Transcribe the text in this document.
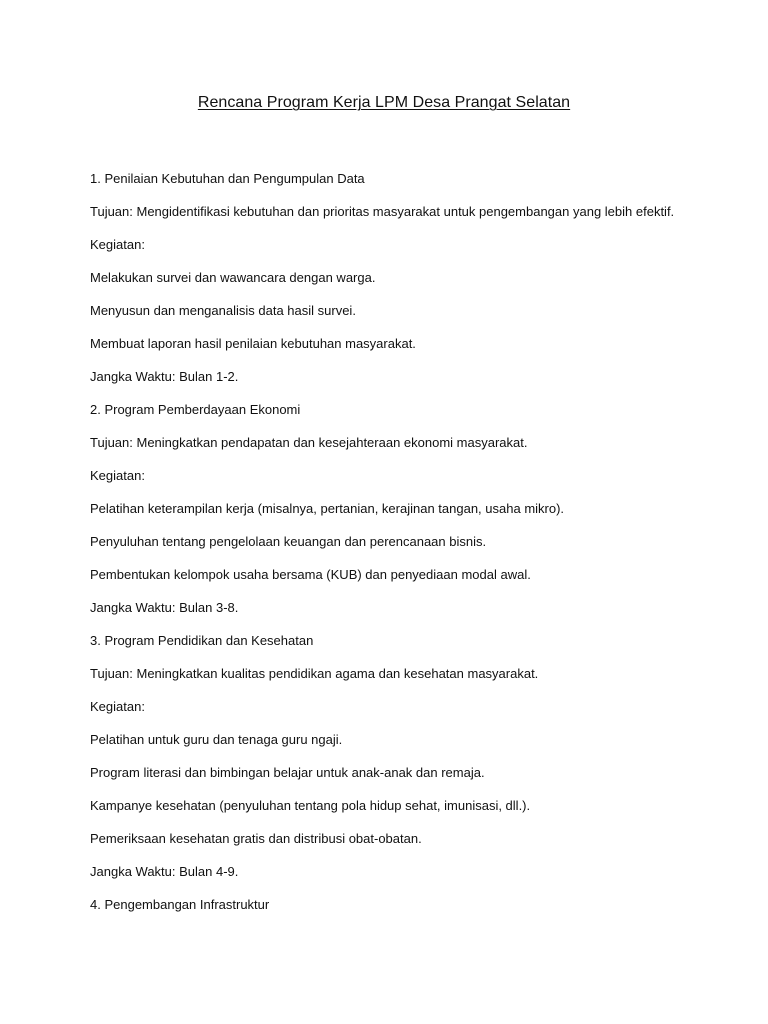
Rencana Program Kerja LPM Desa Prangat Selatan

1. Penilaian Kebutuhan dan Pengumpulan Data

Tujuan: Mengidentifikasi kebutuhan dan prioritas masyarakat untuk pengembangan yang lebih efektif.

Kegiatan:

Melakukan survei dan wawancara dengan warga.

Menyusun dan menganalisis data hasil survei.

Membuat laporan hasil penilaian kebutuhan masyarakat.

Jangka Waktu: Bulan 1-2.

2. Program Pemberdayaan Ekonomi

Tujuan: Meningkatkan pendapatan dan kesejahteraan ekonomi masyarakat.

Kegiatan:

Pelatihan keterampilan kerja (misalnya, pertanian, kerajinan tangan, usaha mikro).

Penyuluhan tentang pengelolaan keuangan dan perencanaan bisnis.

Pembentukan kelompok usaha bersama (KUB) dan penyediaan modal awal.

Jangka Waktu: Bulan 3-8.

3. Program Pendidikan dan Kesehatan

Tujuan: Meningkatkan kualitas pendidikan agama dan kesehatan masyarakat.

Kegiatan:

Pelatihan untuk guru dan tenaga guru ngaji.

Program literasi dan bimbingan belajar untuk anak-anak dan remaja.

Kampanye kesehatan (penyuluhan tentang pola hidup sehat, imunisasi, dll.).

Pemeriksaan kesehatan gratis dan distribusi obat-obatan.

Jangka Waktu: Bulan 4-9.

4. Pengembangan Infrastruktur
